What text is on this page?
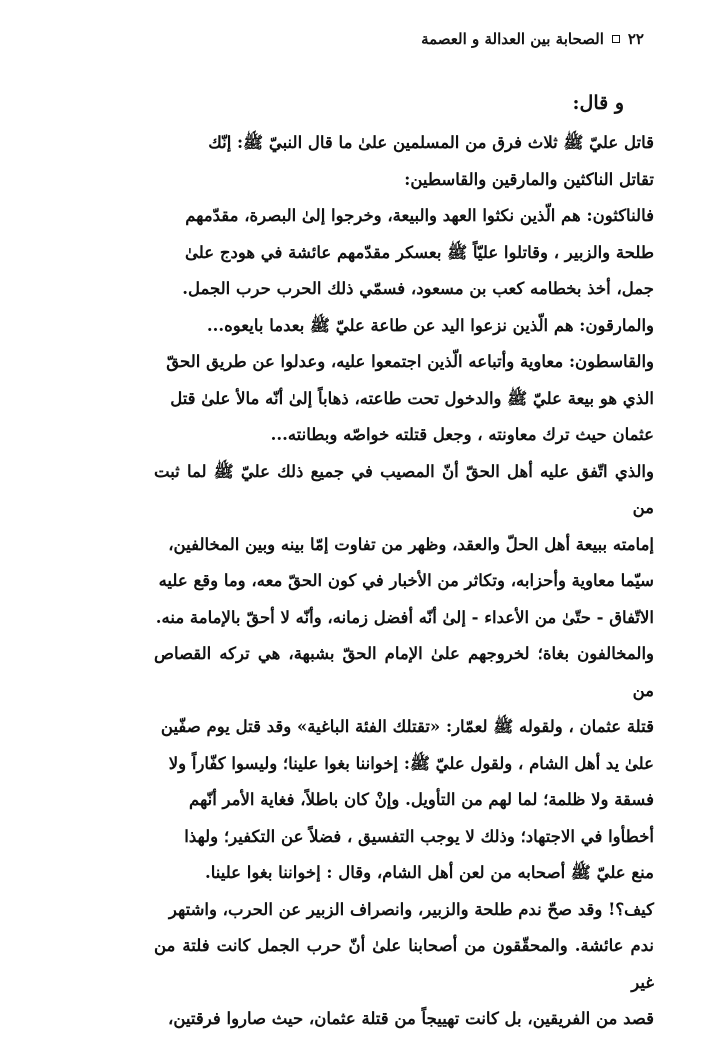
٢٢
الصحابة بين العدالة و العصمة
و قال:

قاتل عليّ ﷺ ثلاث فرق من المسلمين علىٰ ما قال النبيّ ﷺ: إنّك
تقاتل الناكثين والمارقين والقاسطين:

فالناكثون: هم الّذين نكثوا العهد والبيعة، وخرجوا إلىٰ البصرة، مقدّمهم
طلحة والزبير ، وقاتلوا عليّاً ﷺ بعسكر مقدّمهم عائشة في هودج علىٰ
جمل، أخذ بخطامه كعب بن مسعود، فسمّي ذلك الحرب حرب الجمل.

والمارقون: هم الّذين نزعوا اليد عن طاعة عليّ ﷺ بعدما بايعوه...

والقاسطون: معاوية وأتباعه الّذين اجتمعوا عليه، وعدلوا عن طريق الحقّ
الذي هو بيعة عليّ ﷺ والدخول تحت طاعته، ذهاباً إلىٰ أنّه مالأ علىٰ قتل
عثمان حيث ترك معاونته ، وجعل قتلته خواصّه وبطانته...

والذي اتّفق عليه أهل الحقّ أنّ المصيب في جميع ذلك عليّ ﷺ لما ثبت من
إمامته ببيعة أهل الحلّ والعقد، وظهر من تفاوت إمّا بينه وبين المخالفين،
سيّما معاوية وأحزابه، وتكاثر من الأخبار في كون الحقّ معه، وما وقع عليه
الاتّفاق - حتّىٰ من الأعداء - إلىٰ أنّه أفضل زمانه، وأنّه لا أحقّ بالإمامة منه.

والمخالفون بغاة؛ لخروجهم علىٰ الإمام الحقّ بشبهة، هي تركه القصاص من
قتلة عثمان ، ولقوله ﷺ لعمّار: «تقتلك الفئة الباغية» وقد قتل يوم صفّين
علىٰ يد أهل الشام ، ولقول عليّ ﷺ: إخواننا بغوا علينا؛ وليسوا كفّاراً ولا
فسقة ولا ظلمة؛ لما لهم من التأويل. وإنْ كان باطلاً، فغاية الأمر أنّهم
أخطأوا في الاجتهاد؛ وذلك لا يوجب التفسيق ، فضلاً عن التكفير؛ ولهذا
منع عليّ ﷺ أصحابه من لعن أهل الشام، وقال : إخواننا بغوا علينا.

كيف؟! وقد صحّ ندم طلحة والزبير، وانصراف الزبير عن الحرب، واشتهر
ندم عائشة. والمحقّقون من أصحابنا علىٰ أنّ حرب الجمل كانت فلتة من غير
قصد من الفريقين، بل كانت تهييجاً من قتلة عثمان، حيث صاروا فرقتين،
